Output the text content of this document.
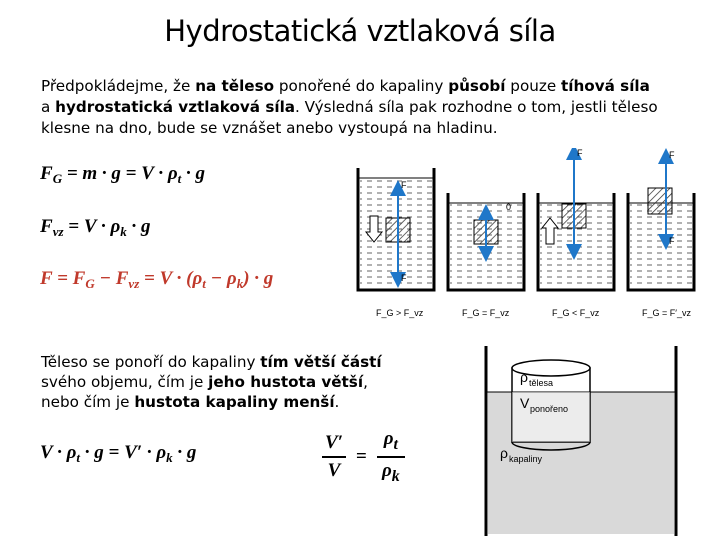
Hydrostatická vztlaková síla
Předpokládejme, že na těleso ponořené do kapaliny působí pouze tíhová síla a hydrostatická vztlaková síla. Výsledná síla pak rozhodne o tom, jestli těleso klesne na dno, bude se vznášet anebo vystoupá na hladinu.
$F_G = m \cdot g = V \cdot \rho_t \cdot g$
$F_{vz} = V \cdot \rho_k \cdot g$
$F = F_G - F_{vz} = V \cdot (\rho_t - \rho_k) \cdot g$
F
F
0
F	F
F
F_G > F_vz	F_G = F_vz	F_G < F_vz	F_G = F′_vz
Těleso se ponoří do kapaliny tím větší částí svého objemu, čím je jeho hustota větší, nebo čím je hustota kapaliny menší.
$V \cdot \rho_t \cdot g = V' \cdot \rho_k \cdot g$	V′
V
=
$\rho_t$
$\rho_k$
ρ tělesa
V ponořeno
ρ kapaliny
